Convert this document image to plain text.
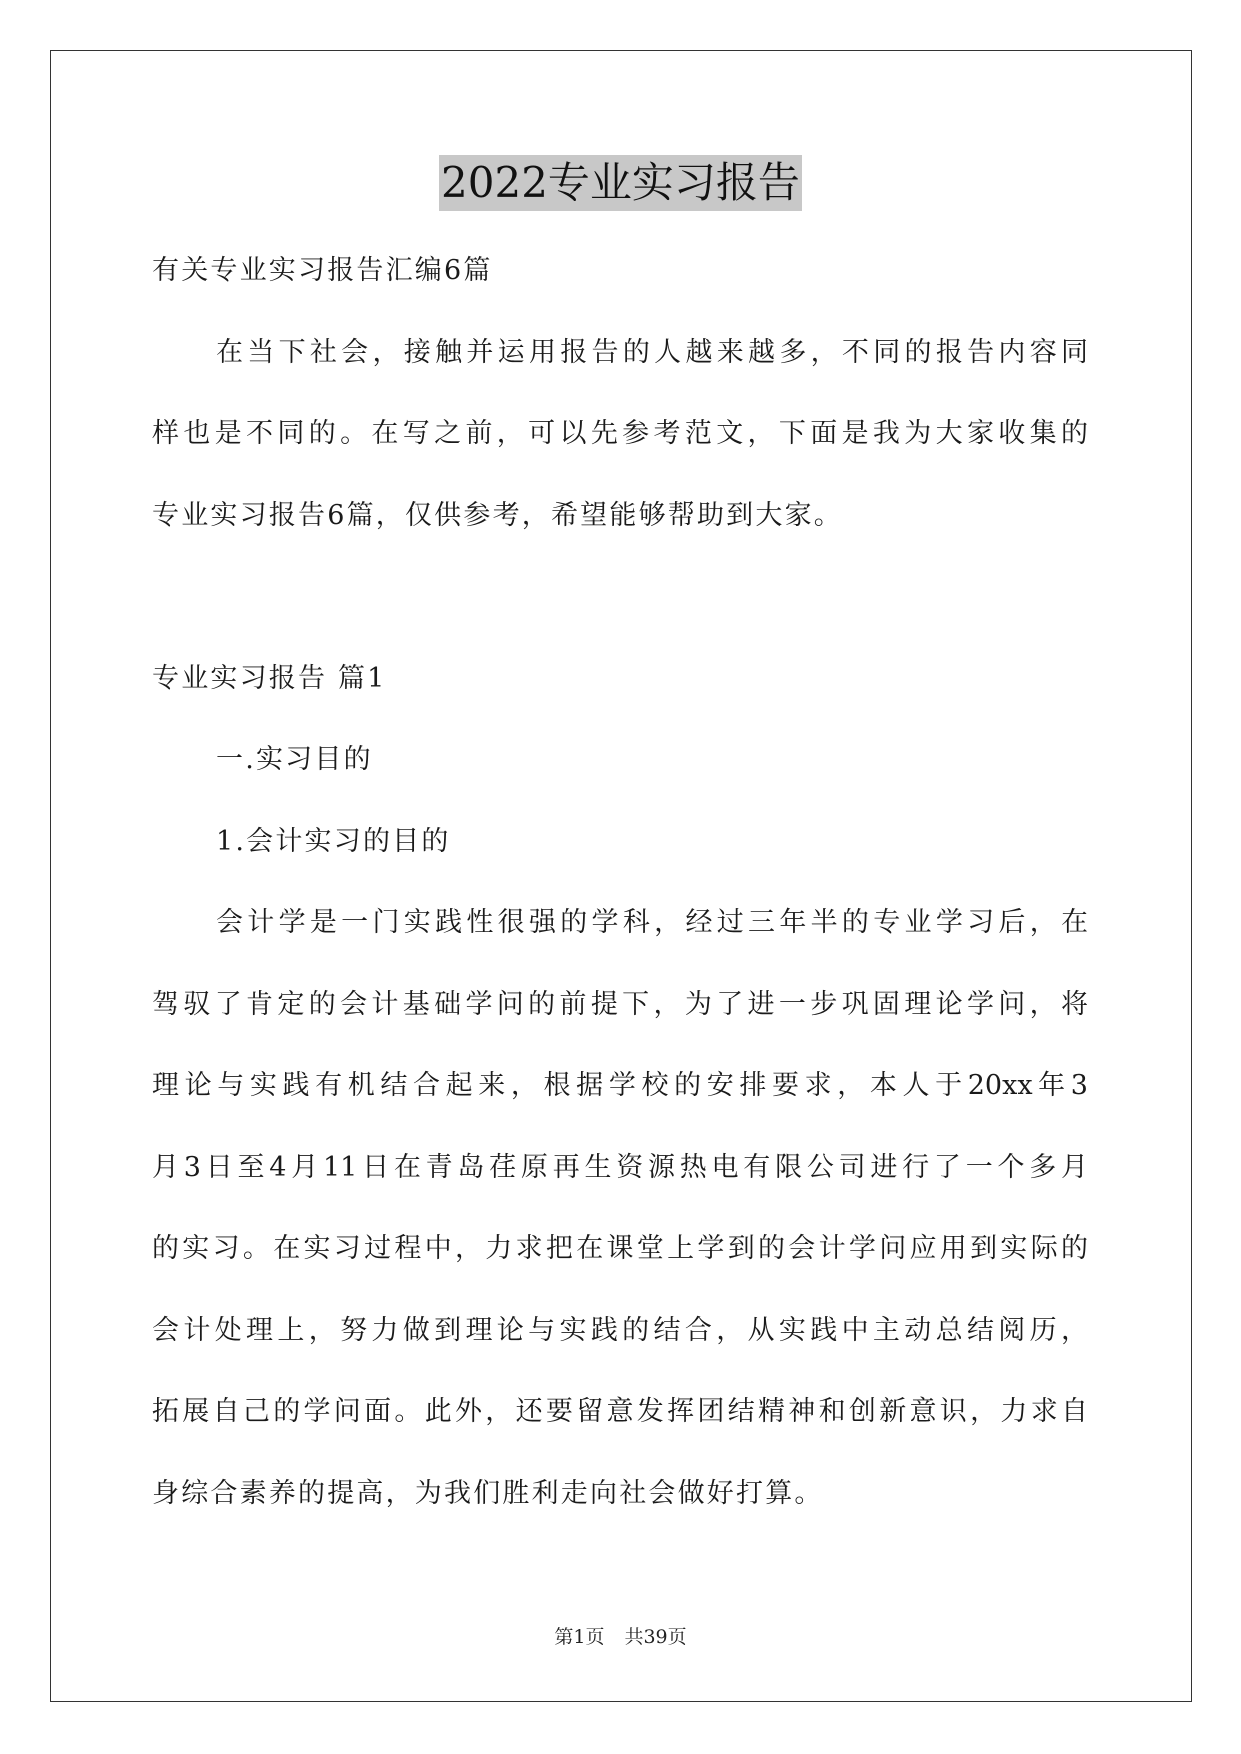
2022专业实习报告
有关专业实习报告汇编6篇
在当下社会，接触并运用报告的人越来越多，不同的报告内容同
样也是不同的。在写之前，可以先参考范文，下面是我为大家收集的
专业实习报告6篇，仅供参考，希望能够帮助到大家。
专业实习报告 篇1
一.实习目的
1.会计实习的目的
会计学是一门实践性很强的学科，经过三年半的专业学习后，在
驾驭了肯定的会计基础学问的前提下，为了进一步巩固理论学问，将
理论与实践有机结合起来，根据学校的安排要求，本人于20xx年3
月3日至4月11日在青岛荏原再生资源热电有限公司进行了一个多月
的实习。在实习过程中，力求把在课堂上学到的会计学问应用到实际的
会计处理上，努力做到理论与实践的结合，从实践中主动总结阅历，
拓展自己的学问面。此外，还要留意发挥团结精神和创新意识，力求自
身综合素养的提高，为我们胜利走向社会做好打算。
第1页 共39页
